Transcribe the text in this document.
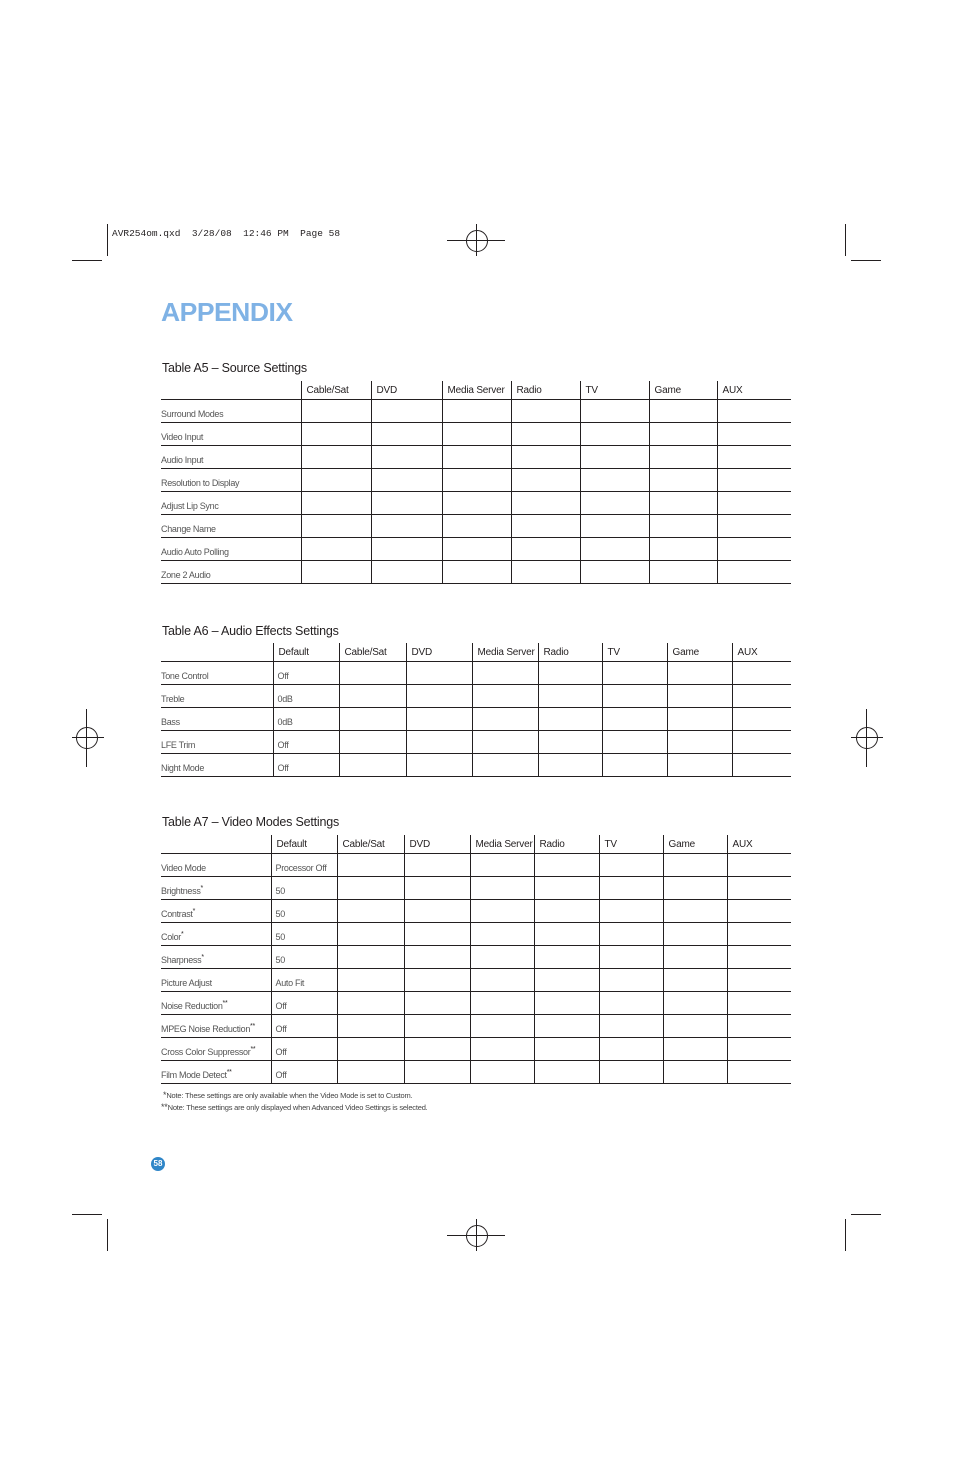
AVR254om.qxd  3/28/08  12:46 PM  Page 58
APPENDIX
Table A5 – Source Settings
	Cable/Sat	DVD	Media Server	Radio	TV	Game	AUX
Surround Modes							
Video Input							
Audio Input							
Resolution to Display							
Adjust Lip Sync							
Change Name							
Audio Auto Polling							
Zone 2 Audio							
Table A6 – Audio Effects Settings
	Default	Cable/Sat	DVD	Media Server	Radio	TV	Game	AUX
Tone Control	Off							
Treble	0dB							
Bass	0dB							
LFE Trim	Off							
Night Mode	Off							
Table A7 – Video Modes Settings
	Default	Cable/Sat	DVD	Media Server	Radio	TV	Game	AUX
Video Mode	Processor Off							
Brightness*	50							
Contrast*	50							
Color*	50							
Sharpness*	50							
Picture Adjust	Auto Fit							
Noise Reduction**	Off							
MPEG Noise Reduction**	Off							
Cross Color Suppressor**	Off							
Film Mode Detect**	Off							
*Note: These settings are only available when the Video Mode is set to Custom.
**Note: These settings are only displayed when Advanced Video Settings is selected.
58
